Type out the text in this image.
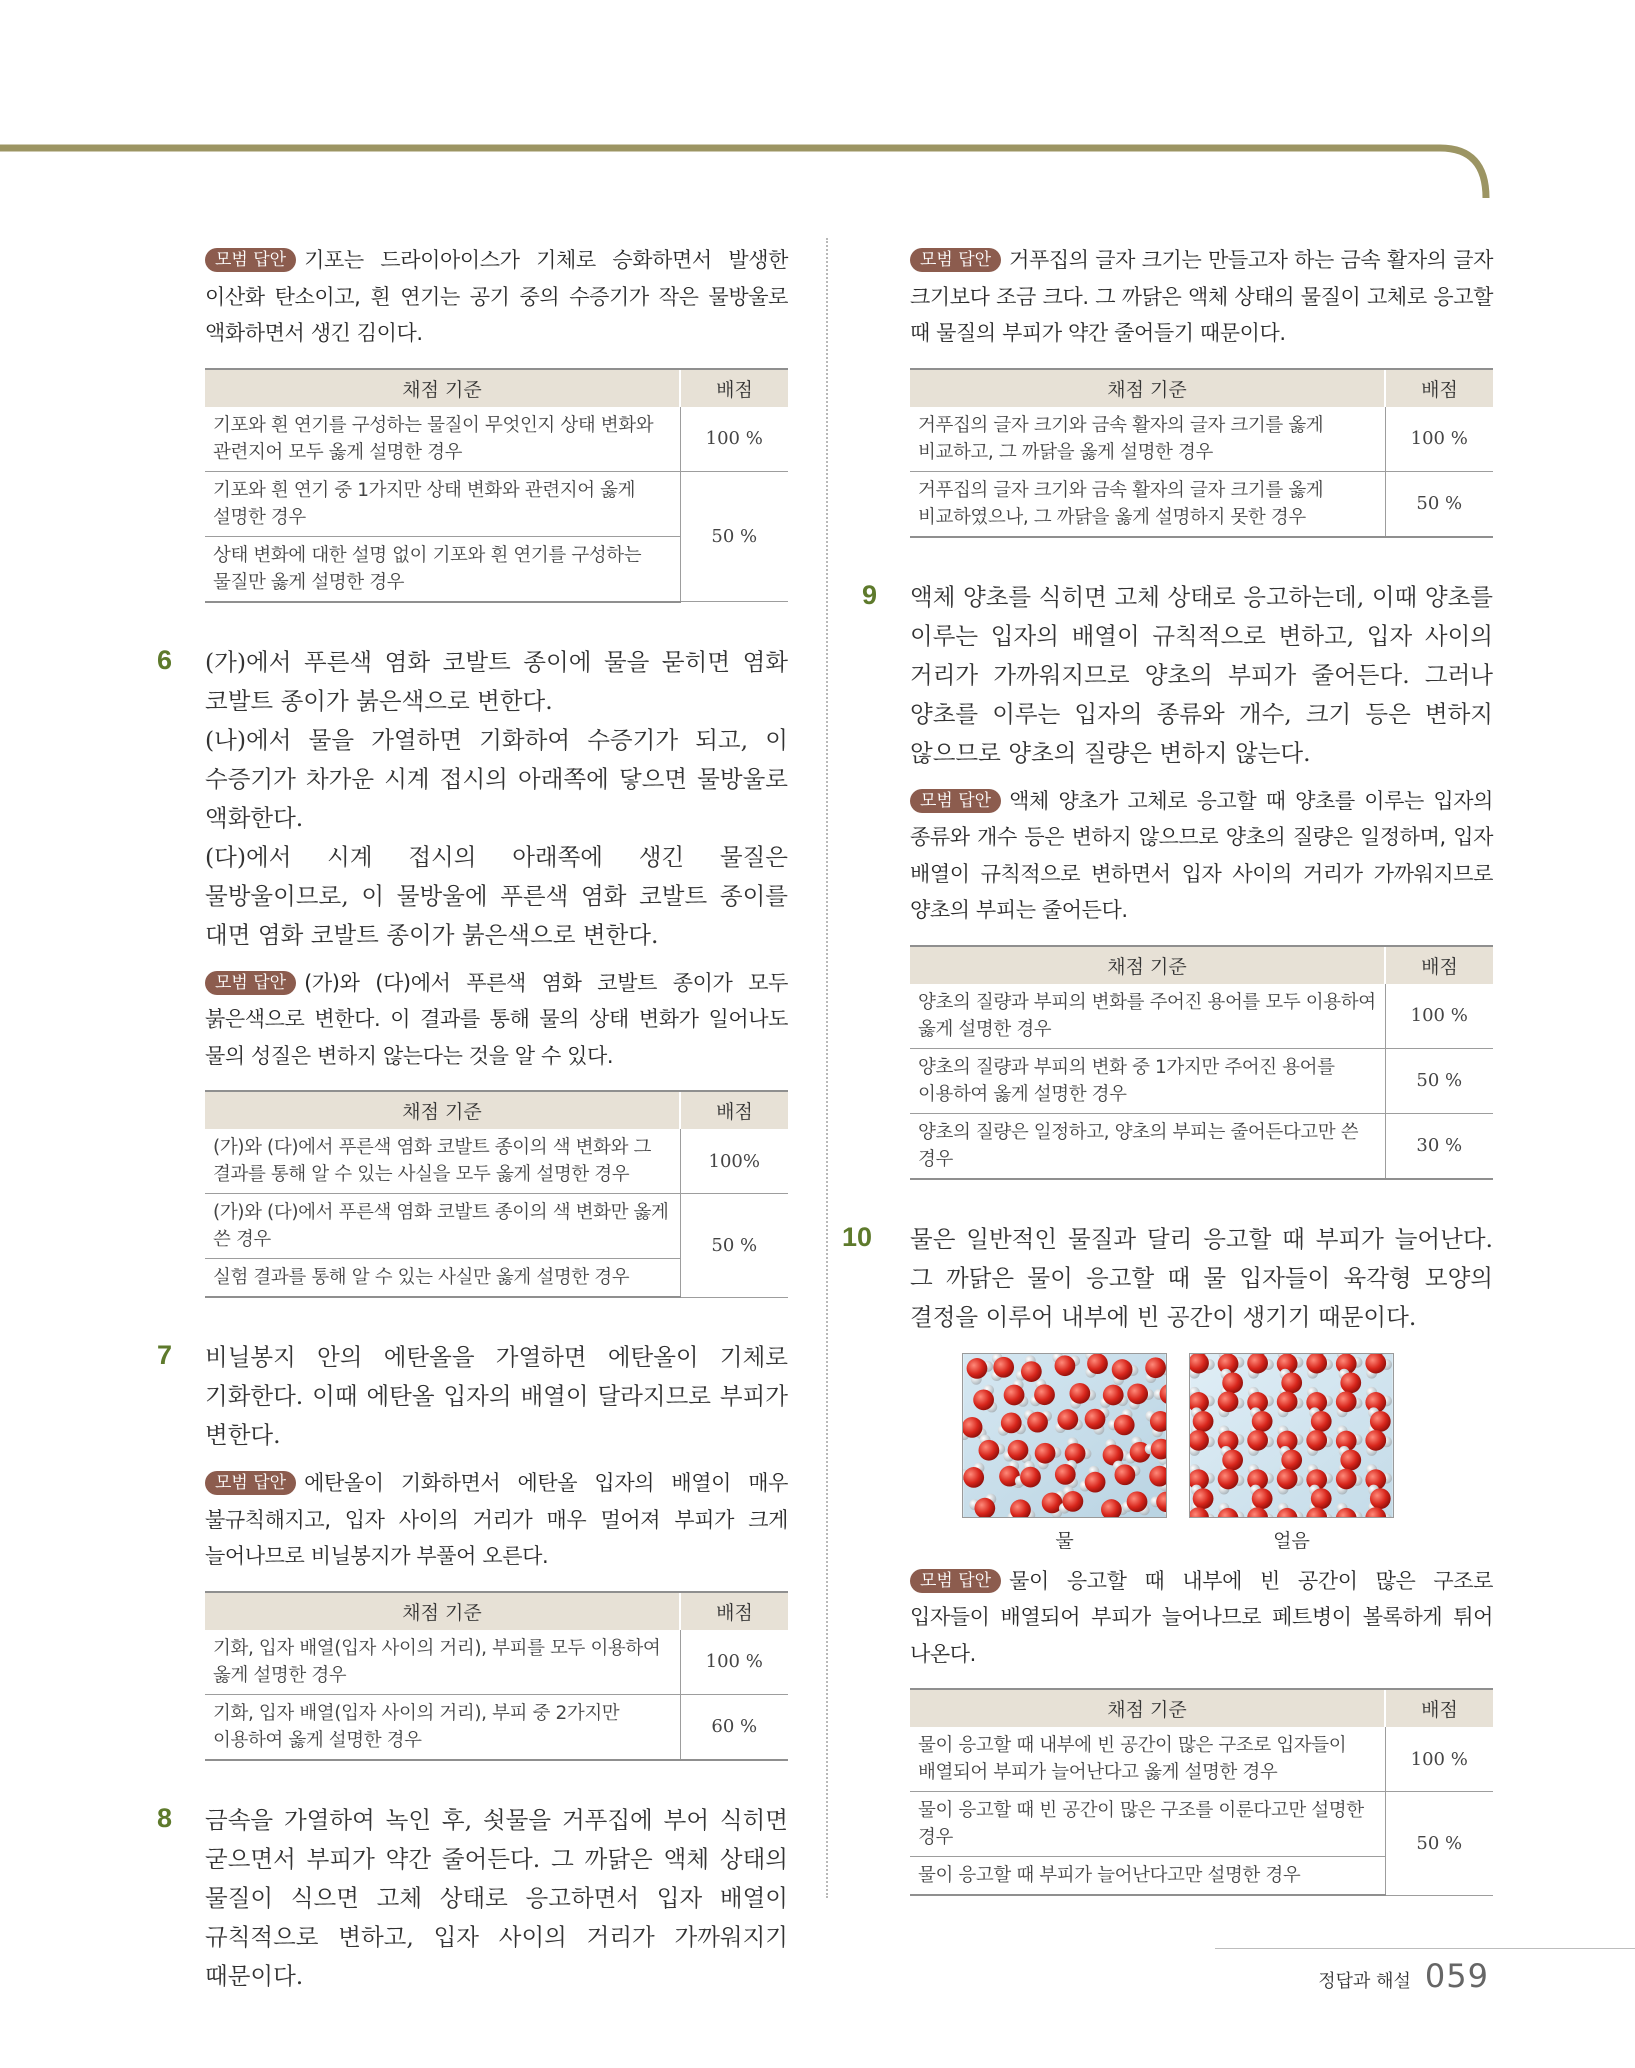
모범 답안 기포는 드라이아이스가 기체로 승화하면서 발생한 이산화 탄소이고, 흰 연기는 공기 중의 수증기가 작은 물방울로 액화하면서 생긴 김이다.
채점 기준	배점
기포와 흰 연기를 구성하는 물질이 무엇인지 상태 변화와 관련지어 모두 옳게 설명한 경우	100 %
기포와 흰 연기 중 1가지만 상태 변화와 관련지어 옳게 설명한 경우	50 %
상태 변화에 대한 설명 없이 기포와 흰 연기를 구성하는 물질만 옳게 설명한 경우	
6 (가)에서 푸른색 염화 코발트 종이에 물을 묻히면 염화 코발트 종이가 붉은색으로 변한다.

(나)에서 물을 가열하면 기화하여 수증기가 되고, 이 수증기가 차가운 시계 접시의 아래쪽에 닿으면 물방울로 액화한다.

(다)에서 시계 접시의 아래쪽에 생긴 물질은 물방울이므로, 이 물방울에 푸른색 염화 코발트 종이를 대면 염화 코발트 종이가 붉은색으로 변한다.

모범 답안 (가)와 (다)에서 푸른색 염화 코발트 종이가 모두 붉은색으로 변한다. 이 결과를 통해 물의 상태 변화가 일어나도 물의 성질은 변하지 않는다는 것을 알 수 있다.
채점 기준	배점
(가)와 (다)에서 푸른색 염화 코발트 종이의 색 변화와 그 결과를 통해 알 수 있는 사실을 모두 옳게 설명한 경우	100%
(가)와 (다)에서 푸른색 염화 코발트 종이의 색 변화만 옳게 쓴 경우	50 %
실험 결과를 통해 알 수 있는 사실만 옳게 설명한 경우	
7 비닐봉지 안의 에탄올을 가열하면 에탄올이 기체로 기화한다. 이때 에탄올 입자의 배열이 달라지므로 부피가 변한다.

모범 답안 에탄올이 기화하면서 에탄올 입자의 배열이 매우 불규칙해지고, 입자 사이의 거리가 매우 멀어져 부피가 크게 늘어나므로 비닐봉지가 부풀어 오른다.
채점 기준	배점
기화, 입자 배열(입자 사이의 거리), 부피를 모두 이용하여 옳게 설명한 경우	100 %
기화, 입자 배열(입자 사이의 거리), 부피 중 2가지만 이용하여 옳게 설명한 경우	60 %
8 금속을 가열하여 녹인 후, 쇳물을 거푸집에 부어 식히면 굳으면서 부피가 약간 줄어든다. 그 까닭은 액체 상태의 물질이 식으면 고체 상태로 응고하면서 입자 배열이 규칙적으로 변하고, 입자 사이의 거리가 가까워지기 때문이다.

모범 답안 거푸집의 글자 크기는 만들고자 하는 금속 활자의 글자 크기보다 조금 크다. 그 까닭은 액체 상태의 물질이 고체로 응고할 때 물질의 부피가 약간 줄어들기 때문이다.
채점 기준	배점
거푸집의 글자 크기와 금속 활자의 글자 크기를 옳게 비교하고, 그 까닭을 옳게 설명한 경우	100 %
거푸집의 글자 크기와 금속 활자의 글자 크기를 옳게 비교하였으나, 그 까닭을 옳게 설명하지 못한 경우	50 %
9 액체 양초를 식히면 고체 상태로 응고하는데, 이때 양초를 이루는 입자의 배열이 규칙적으로 변하고, 입자 사이의 거리가 가까워지므로 양초의 부피가 줄어든다. 그러나 양초를 이루는 입자의 종류와 개수, 크기 등은 변하지 않으므로 양초의 질량은 변하지 않는다.

모범 답안 액체 양초가 고체로 응고할 때 양초를 이루는 입자의 종류와 개수 등은 변하지 않으므로 양초의 질량은 일정하며, 입자 배열이 규칙적으로 변하면서 입자 사이의 거리가 가까워지므로 양초의 부피는 줄어든다.
채점 기준	배점
양초의 질량과 부피의 변화를 주어진 용어를 모두 이용하여 옳게 설명한 경우	100 %
양초의 질량과 부피의 변화 중 1가지만 주어진 용어를 이용하여 옳게 설명한 경우	50 %
양초의 질량은 일정하고, 양초의 부피는 줄어든다고만 쓴 경우	30 %
10 물은 일반적인 물질과 달리 응고할 때 부피가 늘어난다. 그 까닭은 물이 응고할 때 물 입자들이 육각형 모양의 결정을 이루어 내부에 빈 공간이 생기기 때문이다.

물	얼음
모범 답안 물이 응고할 때 내부에 빈 공간이 많은 구조로 입자들이 배열되어 부피가 늘어나므로 페트병이 볼록하게 튀어 나온다.
채점 기준	배점
물이 응고할 때 내부에 빈 공간이 많은 구조로 입자들이 배열되어 부피가 늘어난다고 옳게 설명한 경우	100 %
물이 응고할 때 빈 공간이 많은 구조를 이룬다고만 설명한 경우	50 %
물이 응고할 때 부피가 늘어난다고만 설명한 경우	
정답과 해설 059
